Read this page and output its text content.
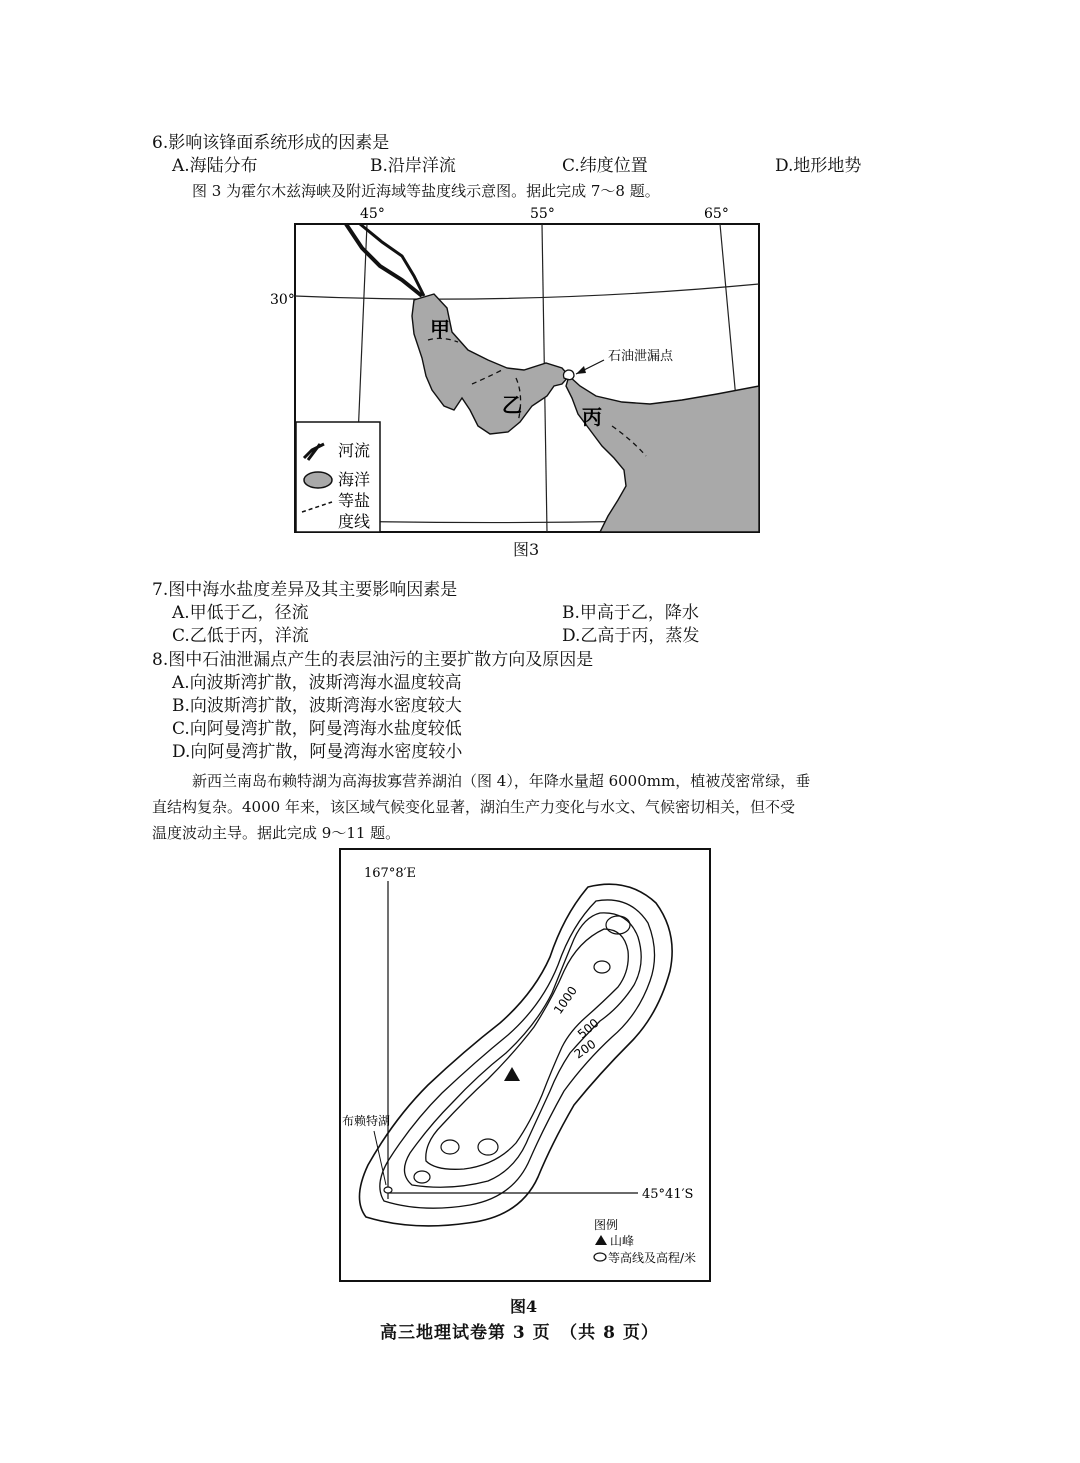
6.影响该锋面系统形成的因素是
A.海陆分布	B.沿岸洋流	C.纬度位置	D.地形地势
图 3 为霍尔木兹海峡及附近海域等盐度线示意图。据此完成 7～8 题。
45°	55°	65°
30°
甲
乙	丙
石油泄漏点
河流
海洋
等盐
度线
图3
7.图中海水盐度差异及其主要影响因素是
A.甲低于乙，径流	B.甲高于乙，降水
C.乙低于丙，洋流	D.乙高于丙，蒸发
8.图中石油泄漏点产生的表层油污的主要扩散方向及原因是
A.向波斯湾扩散，波斯湾海水温度较高
B.向波斯湾扩散，波斯湾海水密度较大
C.向阿曼湾扩散，阿曼湾海水盐度较低
D.向阿曼湾扩散，阿曼湾海水密度较小
新西兰南岛布赖特湖为高海拔寡营养湖泊（图 4），年降水量超 6000mm，植被茂密常绿，垂
直结构复杂。4000 年来，该区域气候变化显著，湖泊生产力变化与水文、气候密切相关，但不受
温度波动主导。据此完成 9～11 题。
167°8′E
45°41′S
1000
500
200
布赖特湖
图例
山峰
等高线及高程/米
图4
高三地理试卷第 3 页　（共 8 页）
